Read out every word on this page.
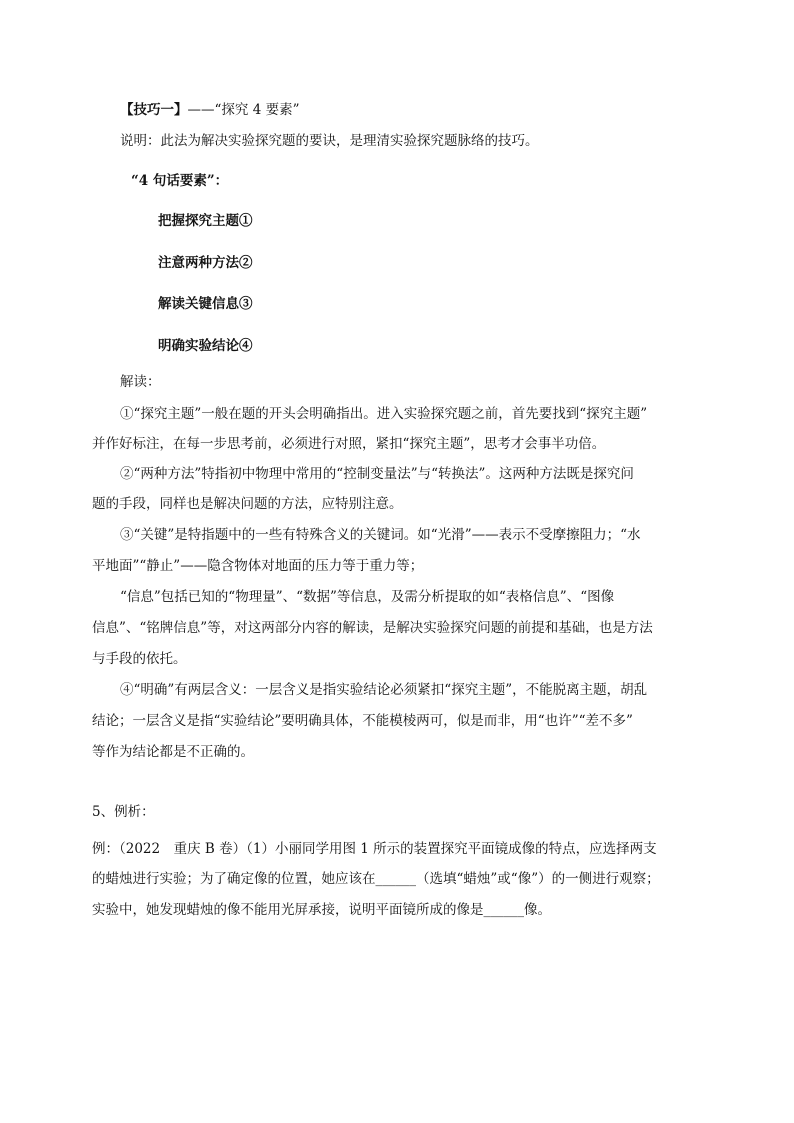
【技巧一】——“探究 4 要素”
说明：此法为解决实验探究题的要诀，是理清实验探究题脉络的技巧。
“4 句话要素”：
把握探究主题①
注意两种方法②
解读关键信息③
明确实验结论④
解读：
①“探究主题”一般在题的开头会明确指出。进入实验探究题之前，首先要找到“探究主题”
并作好标注，在每一步思考前，必须进行对照，紧扣“探究主题”，思考才会事半功倍。
②“两种方法”特指初中物理中常用的“控制变量法”与“转换法”。这两种方法既是探究问
题的手段，同样也是解决问题的方法，应特别注意。
③“关键”是特指题中的一些有特殊含义的关键词。如“光滑”——表示不受摩擦阻力；“水
平地面”“静止”——隐含物体对地面的压力等于重力等；
“信息”包括已知的“物理量”、“数据”等信息，及需分析提取的如“表格信息”、“图像
信息”、“铭牌信息”等，对这两部分内容的解读，是解决实验探究问题的前提和基础，也是方法
与手段的依托。
④“明确”有两层含义：一层含义是指实验结论必须紧扣“探究主题”，不能脱离主题，胡乱
结论；一层含义是指“实验结论”要明确具体，不能模棱两可，似是而非，用“也许”“差不多”
等作为结论都是不正确的。
5、例析：
例：（2022　重庆 B 卷）（1）小丽同学用图 1 所示的装置探究平面镜成像的特点，应选择两支
的蜡烛进行实验；为了确定像的位置，她应该在______（选填“蜡烛”或“像”）的一侧进行观察；
实验中，她发现蜡烛的像不能用光屏承接，说明平面镜所成的像是______像。
